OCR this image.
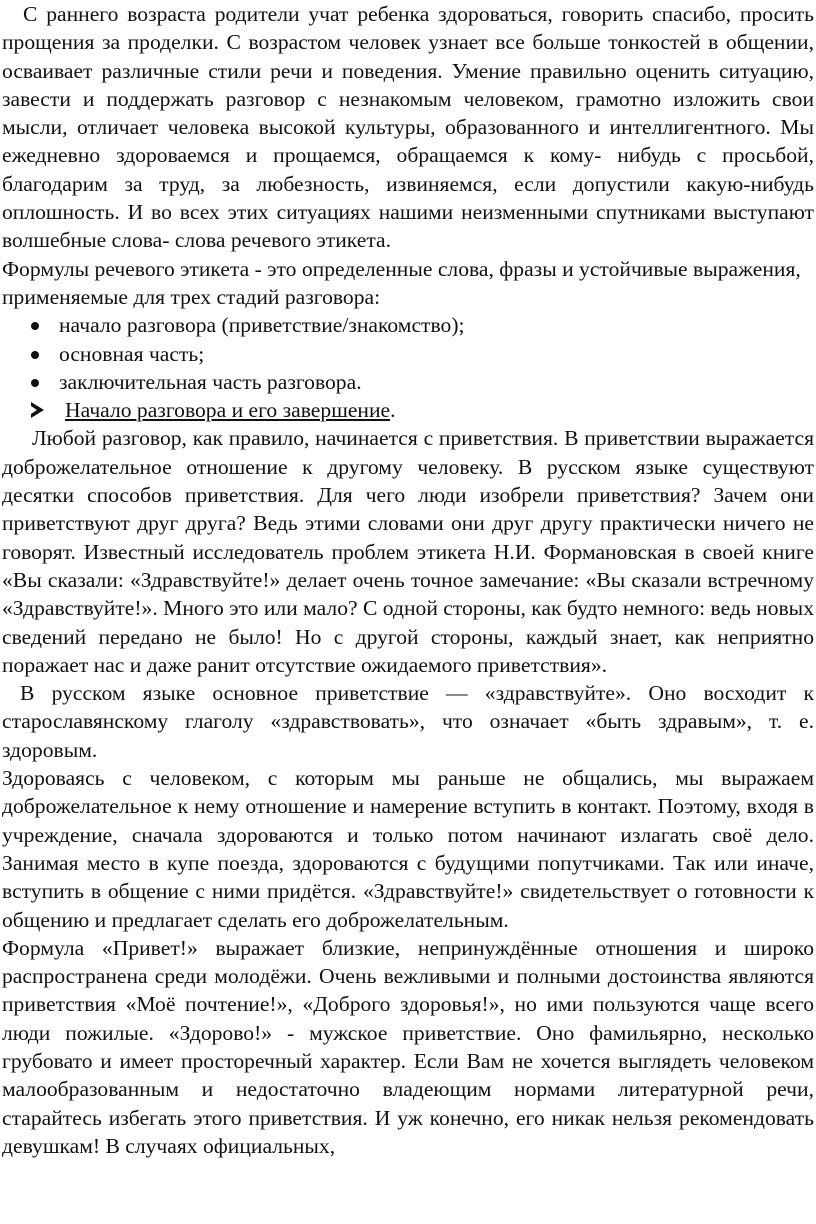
С раннего возраста родители учат ребенка здороваться, говорить спасибо, просить прощения за проделки. С возрастом человек узнает все больше тонкостей в общении, осваивает различные стили речи и поведения. Умение правильно оценить ситуацию, завести и поддержать разговор с незнакомым человеком, грамотно изложить свои мысли, отличает человека высокой культуры, образованного и интеллигентного. Мы ежедневно здороваемся и прощаемся, обращаемся к кому- нибудь с просьбой, благодарим за труд, за любезность, извиняемся, если допустили какую-нибудь оплошность. И во всех этих ситуациях нашими неизменными спутниками выступают волшебные слова- слова речевого этикета.

Формулы речевого этикета - это определенные слова, фразы и устойчивые выражения,

применяемые для трех стадий разговора:

начало разговора (приветствие/знакомство);
основная часть;
заключительная часть разговора.
Начало разговора и его завершение.

Любой разговор, как правило, начинается с приветствия. В приветствии выражается доброжелательное отношение к другому человеку. В русском языке существуют десятки способов приветствия. Для чего люди изобрели приветствия? Зачем они приветствуют друг друга? Ведь этими словами они друг другу практически ничего не говорят. Известный исследователь проблем этикета Н.И. Формановская в своей книге «Вы сказали: «Здравствуйте!» делает очень точное замечание: «Вы сказали встречному «Здравствуйте!». Много это или мало? С одной стороны, как будто немного: ведь новых сведений передано не было! Но с другой стороны, каждый знает, как неприятно поражает нас и даже ранит отсутствие ожидаемого приветствия».

В русском языке основное приветствие — «здравствуйте». Оно восходит к старославянскому глаголу «здравствовать», что означает «быть здравым», т. е. здоровым.

Здороваясь с человеком, с которым мы раньше не общались, мы выражаем доброжелательное к нему отношение и намерение вступить в контакт. Поэтому, входя в учреждение, сначала здороваются и только потом начинают излагать своё дело. Занимая место в купе поезда, здороваются с будущими попутчиками. Так или иначе, вступить в общение с ними придётся. «Здравствуйте!» свидетельствует о готовности к общению и предлагает сделать его доброжелательным.

Формула «Привет!» выражает близкие, непринуждённые отношения и широко распространена среди молодёжи. Очень вежливыми и полными достоинства являются приветствия «Моё почтение!», «Доброго здоровья!», но ими пользуются чаще всего люди пожилые. «Здорово!» - мужское приветствие. Оно фамильярно, несколько грубовато и имеет просторечный характер. Если Вам не хочется выглядеть человеком малообразованным и недостаточно владеющим нормами литературной речи, старайтесь избегать этого приветствия. И уж конечно, его никак нельзя рекомендовать девушкам! В случаях официальных,
